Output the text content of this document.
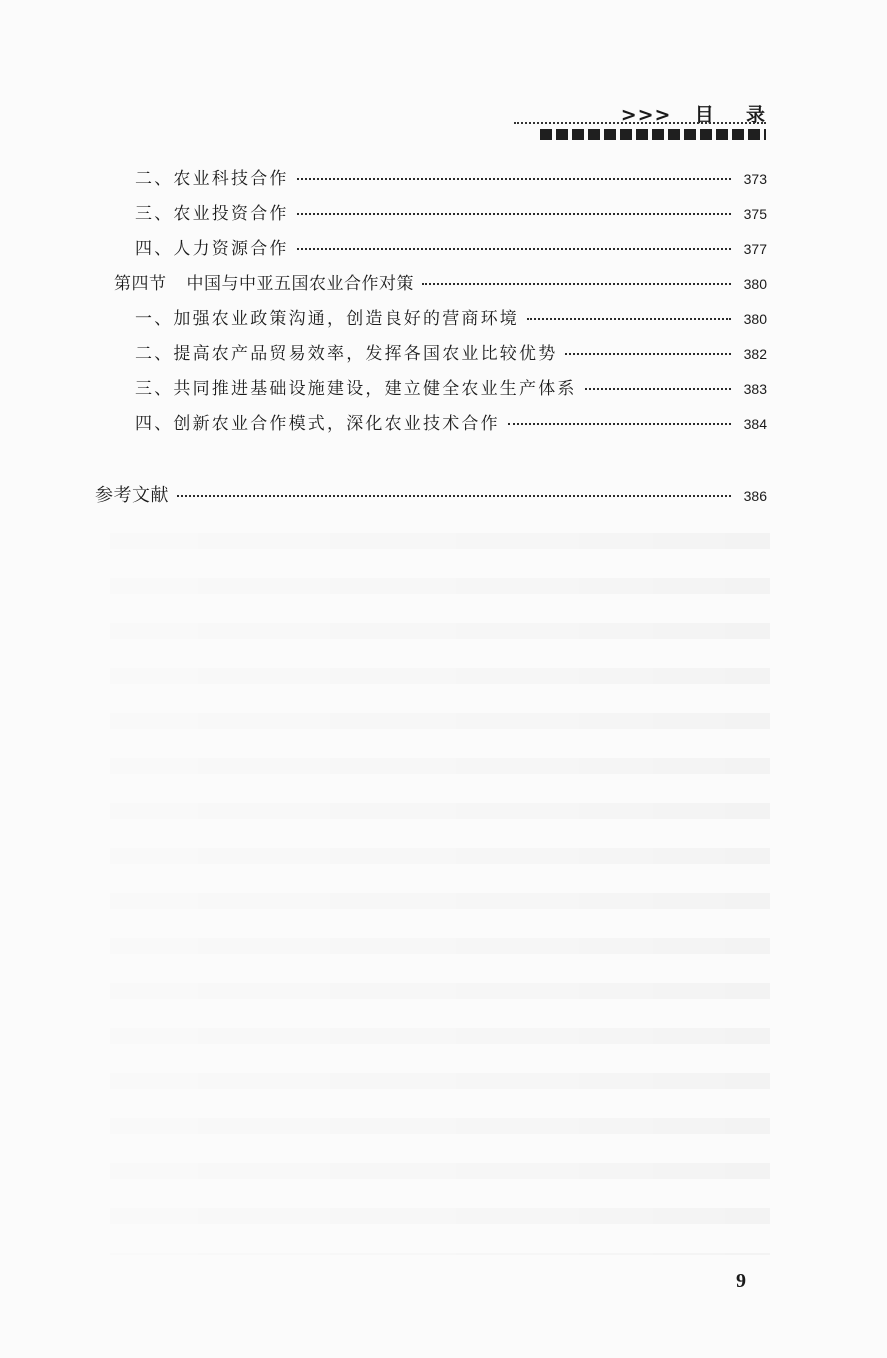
>>> 目 录
二、农业科技合作	373
三、农业投资合作	375
四、人力资源合作	377
第四节 中国与中亚五国农业合作对策	380
一、加强农业政策沟通，创造良好的营商环境	380
二、提高农产品贸易效率，发挥各国农业比较优势	382
三、共同推进基础设施建设，建立健全农业生产体系	383
四、创新农业合作模式，深化农业技术合作	384
参考文献	386
9
